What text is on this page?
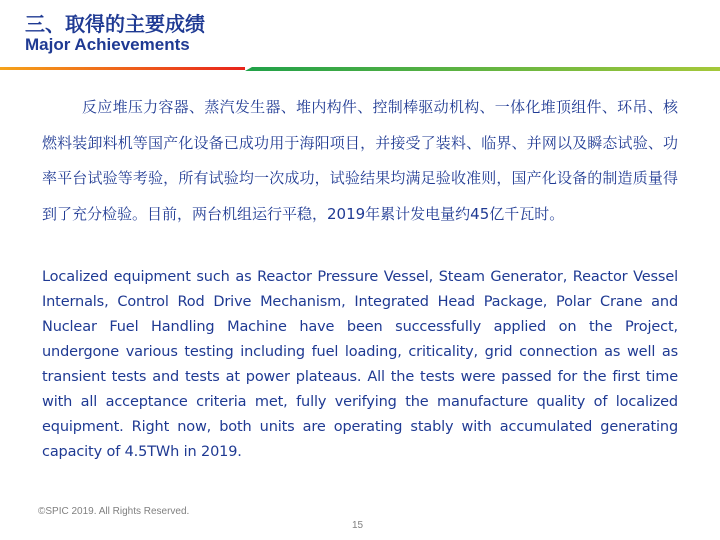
三、取得的主要成绩
Major Achievements
反应堆压力容器、蒸汽发生器、堆内构件、控制棒驱动机构、一体化堆顶组件、环吊、核燃料装卸料机等国产化设备已成功用于海阳项目，并接受了装料、临界、并网以及瞬态试验、功率平台试验等考验，所有试验均一次成功，试验结果均满足验收准则，国产化设备的制造质量得到了充分检验。目前，两台机组运行平稳，2019年累计发电量约45亿千瓦时。
Localized equipment such as Reactor Pressure Vessel, Steam Generator, Reactor Vessel Internals, Control Rod Drive Mechanism, Integrated Head Package, Polar Crane and Nuclear Fuel Handling Machine have been successfully applied on the Project, undergone various testing including fuel loading, criticality, grid connection as well as transient tests and tests at power plateaus. All the tests were passed for the first time with all acceptance criteria met, fully verifying the manufacture quality of localized equipment. Right now, both units are operating stably with accumulated generating capacity of 4.5TWh in 2019.
©SPIC 2019. All Rights Reserved.
15
